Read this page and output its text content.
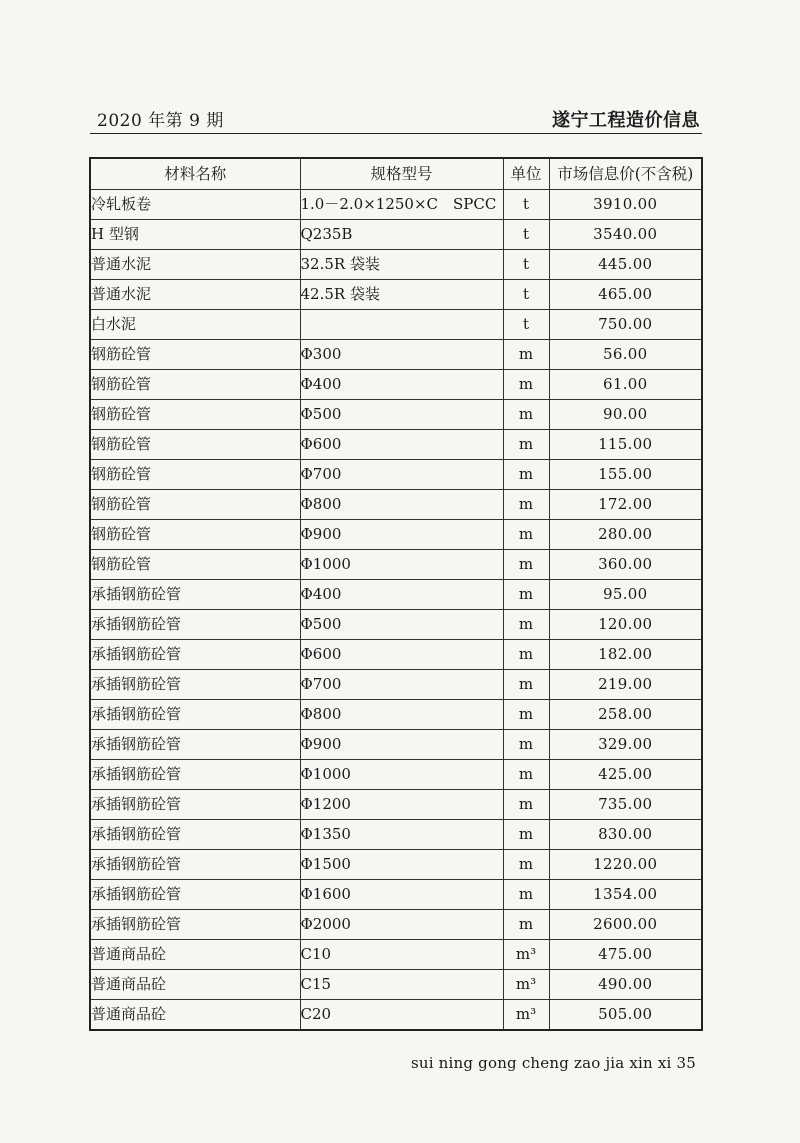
2020 年第 9 期	遂宁工程造价信息
材料名称	规格型号	单位	市场信息价(不含税)
冷轧板卷	1.0－2.0×1250×C　SPCC	t	3910.00
H 型钢	Q235B	t	3540.00
普通水泥	32.5R 袋装	t	445.00
普通水泥	42.5R 袋装	t	465.00
白水泥		t	750.00
钢筋砼管	Φ300	m	56.00
钢筋砼管	Φ400	m	61.00
钢筋砼管	Φ500	m	90.00
钢筋砼管	Φ600	m	115.00
钢筋砼管	Φ700	m	155.00
钢筋砼管	Φ800	m	172.00
钢筋砼管	Φ900	m	280.00
钢筋砼管	Φ1000	m	360.00
承插钢筋砼管	Φ400	m	95.00
承插钢筋砼管	Φ500	m	120.00
承插钢筋砼管	Φ600	m	182.00
承插钢筋砼管	Φ700	m	219.00
承插钢筋砼管	Φ800	m	258.00
承插钢筋砼管	Φ900	m	329.00
承插钢筋砼管	Φ1000	m	425.00
承插钢筋砼管	Φ1200	m	735.00
承插钢筋砼管	Φ1350	m	830.00
承插钢筋砼管	Φ1500	m	1220.00
承插钢筋砼管	Φ1600	m	1354.00
承插钢筋砼管	Φ2000	m	2600.00
普通商品砼	C10	m³	475.00
普通商品砼	C15	m³	490.00
普通商品砼	C20	m³	505.00
sui ning gong cheng zao jia xin xi 35
